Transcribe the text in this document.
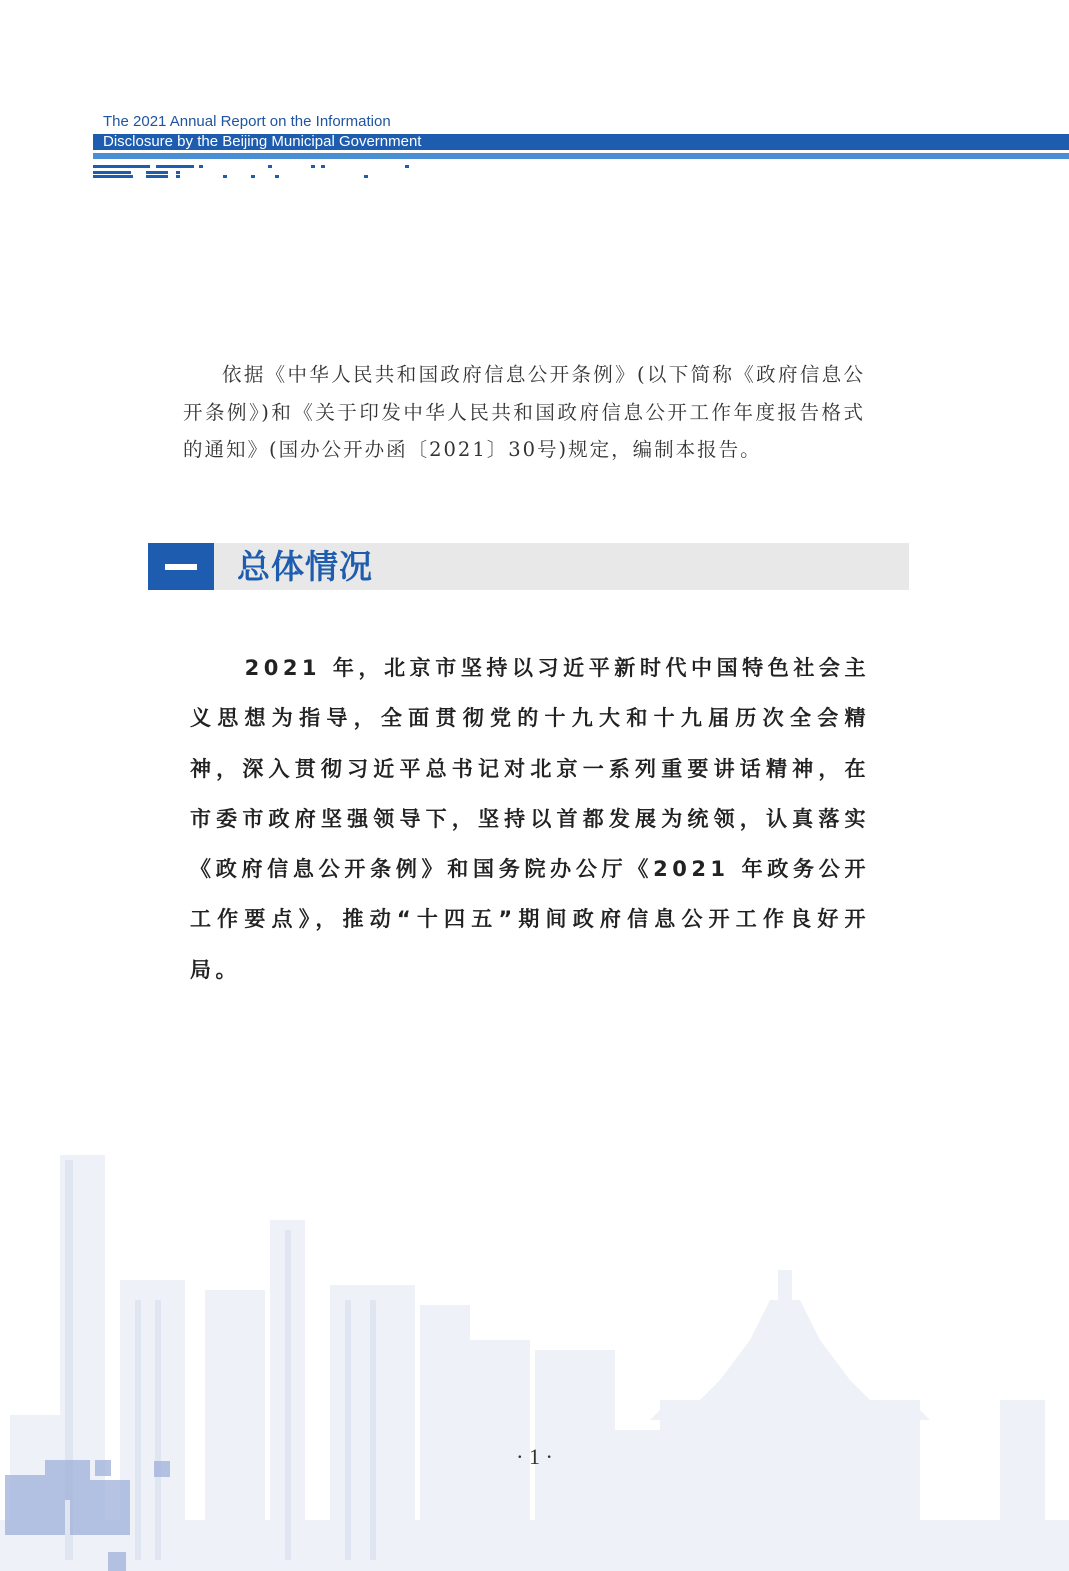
The 2021 Annual Report on the Information
Disclosure by the Beijing Municipal Government
依据《中华人民共和国政府信息公开条例》(以下简称《政府信息公开条例》)和《关于印发中华人民共和国政府信息公开工作年度报告格式的通知》(国办公开办函〔2021〕30号)规定，编制本报告。
总体情况
2021 年，北京市坚持以习近平新时代中国特色社会主义思想为指导，全面贯彻党的十九大和十九届历次全会精神，深入贯彻习近平总书记对北京一系列重要讲话精神，在市委市政府坚强领导下，坚持以首都发展为统领，认真落实《政府信息公开条例》和国务院办公厅《2021 年政务公开工作要点》，推动“十四五”期间政府信息公开工作良好开局。
· 1 ·
